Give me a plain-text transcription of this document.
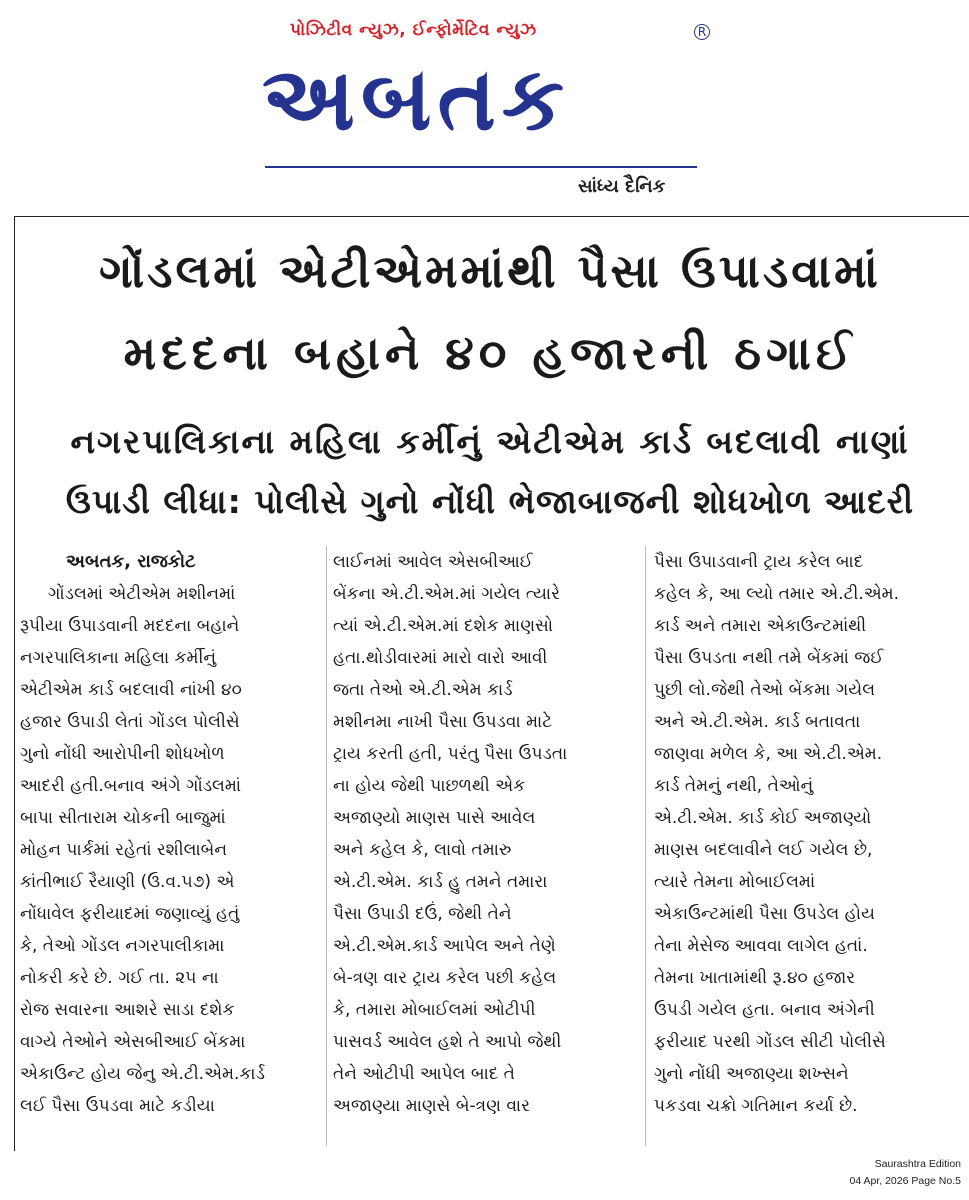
પોઝિટીવ ન્યુઝ, ઈન્ફોર્મેટિવ ન્યુઝ
અબતક
R
સાંધ્ય દૈનિક
ગોંડલમાં એટીએમમાંથી પૈસા ઉપાડવામાં
મદદના બહાને ૪૦ હજારની ઠગાઈ
નગરપાલિકાના મહિલા કર્મીનું એટીએમ કાર્ડ બદલાવી નાણાં
ઉપાડી લીધા: પોલીસે ગુનો નોંધી ભેજાબાજની શોધખોળ આદરી
અબતક, રાજકોટ
ગોંડલમાં એટીએમ મશીનમાં
રૂપીયા ઉપાડવાની મદદના બહાને
નગરપાલિકાના મહિલા કર્મીનું
એટીએમ કાર્ડ બદલાવી નાંખી ૪૦
હજાર ઉપાડી લેતાં ગોંડલ પોલીસે
ગુનો નોંધી આરોપીની શોધખોળ
આદરી હતી.બનાવ અંગે ગોંડલમાં
બાપા સીતારામ ચોકની બાજુમાં
મોહન પાર્કમાં રહેતાં રશીલાબેન
કાંતીભાઈ રૈયાણી (ઉ.વ.૫૭) એ
નોંધાવેલ ફરીયાદમાં જણાવ્યું હતું
કે, તેઓ ગોંડલ નગરપાલીકામા
નોકરી કરે છે. ગઈ તા. ૨૫ ના
રોજ સવારના આશરે સાડા દશેક
વાગ્યે તેઓને એસબીઆઈ બેંકમા
એકાઉન્ટ હોય જેનુ એ.ટી.એમ.કાર્ડ
લઈ પૈસા ઉપડવા માટે કડીયા
લાઈનમાં આવેલ એસબીઆઈ
બેંકના એ.ટી.એમ.માં ગયેલ ત્યારે
ત્યાં એ.ટી.એમ.માં દશેક માણસો
હતા.થોડીવારમાં મારો વારો આવી
જતા તેઓ એ.ટી.એમ કાર્ડ
મશીનમા નાખી પૈસા ઉપડવા માટે
ટ્રાય કરતી હતી, પરંતુ પૈસા ઉપડતા
ના હોય જેથી પાછળથી એક
અજાણ્યો માણસ પાસે આવેલ
અને કહેલ કે, લાવો તમારુ
એ.ટી.એમ. કાર્ડ હુ તમને તમારા
પૈસા ઉપાડી દઉં, જેથી તેને
એ.ટી.એમ.કાર્ડ આપેલ અને તેણે
બે-ત્રણ વાર ટ્રાય કરેલ પછી કહેલ
કે, તમારા મોબાઈલમાં ઓટીપી
પાસવર્ડ આવેલ હશે તે આપો જેથી
તેને ઓટીપી આપેલ બાદ તે
અજાણ્યા માણસે બે-ત્રણ વાર
પૈસા ઉપાડવાની ટ્રાય કરેલ બાદ
કહેલ કે, આ લ્યો તમાર એ.ટી.એમ.
કાર્ડ અને તમારા એકાઉન્ટમાંથી
પૈસા ઉપડતા નથી તમે બેંકમાં જઈ
પુછી લો.જેથી તેઓ બેંકમા ગયેલ
અને એ.ટી.એમ. કાર્ડ બતાવતા
જાણવા મળેલ કે, આ એ.ટી.એમ.
કાર્ડ તેમનું નથી, તેઓનું
એ.ટી.એમ. કાર્ડ કોઈ અજાણ્યો
માણસ બદલાવીને લઈ ગયેલ છે,
ત્યારે તેમના મોબાઈલમાં
એકાઉન્ટમાંથી પૈસા ઉપડેલ હોય
તેના મેસેજ આવવા લાગેલ હતાં.
તેમના ખાતામાંથી રૂ.૪૦ હજાર
ઉપડી ગયેલ હતા. બનાવ અંગેની
ફરીયાદ પરથી ગોંડલ સીટી પોલીસે
ગુનો નોંધી અજાણ્યા શખ્સને
પકડવા ચક્રો ગતિમાન કર્યા છે.
Saurashtra Edition
04 Apr, 2026 Page No.5
